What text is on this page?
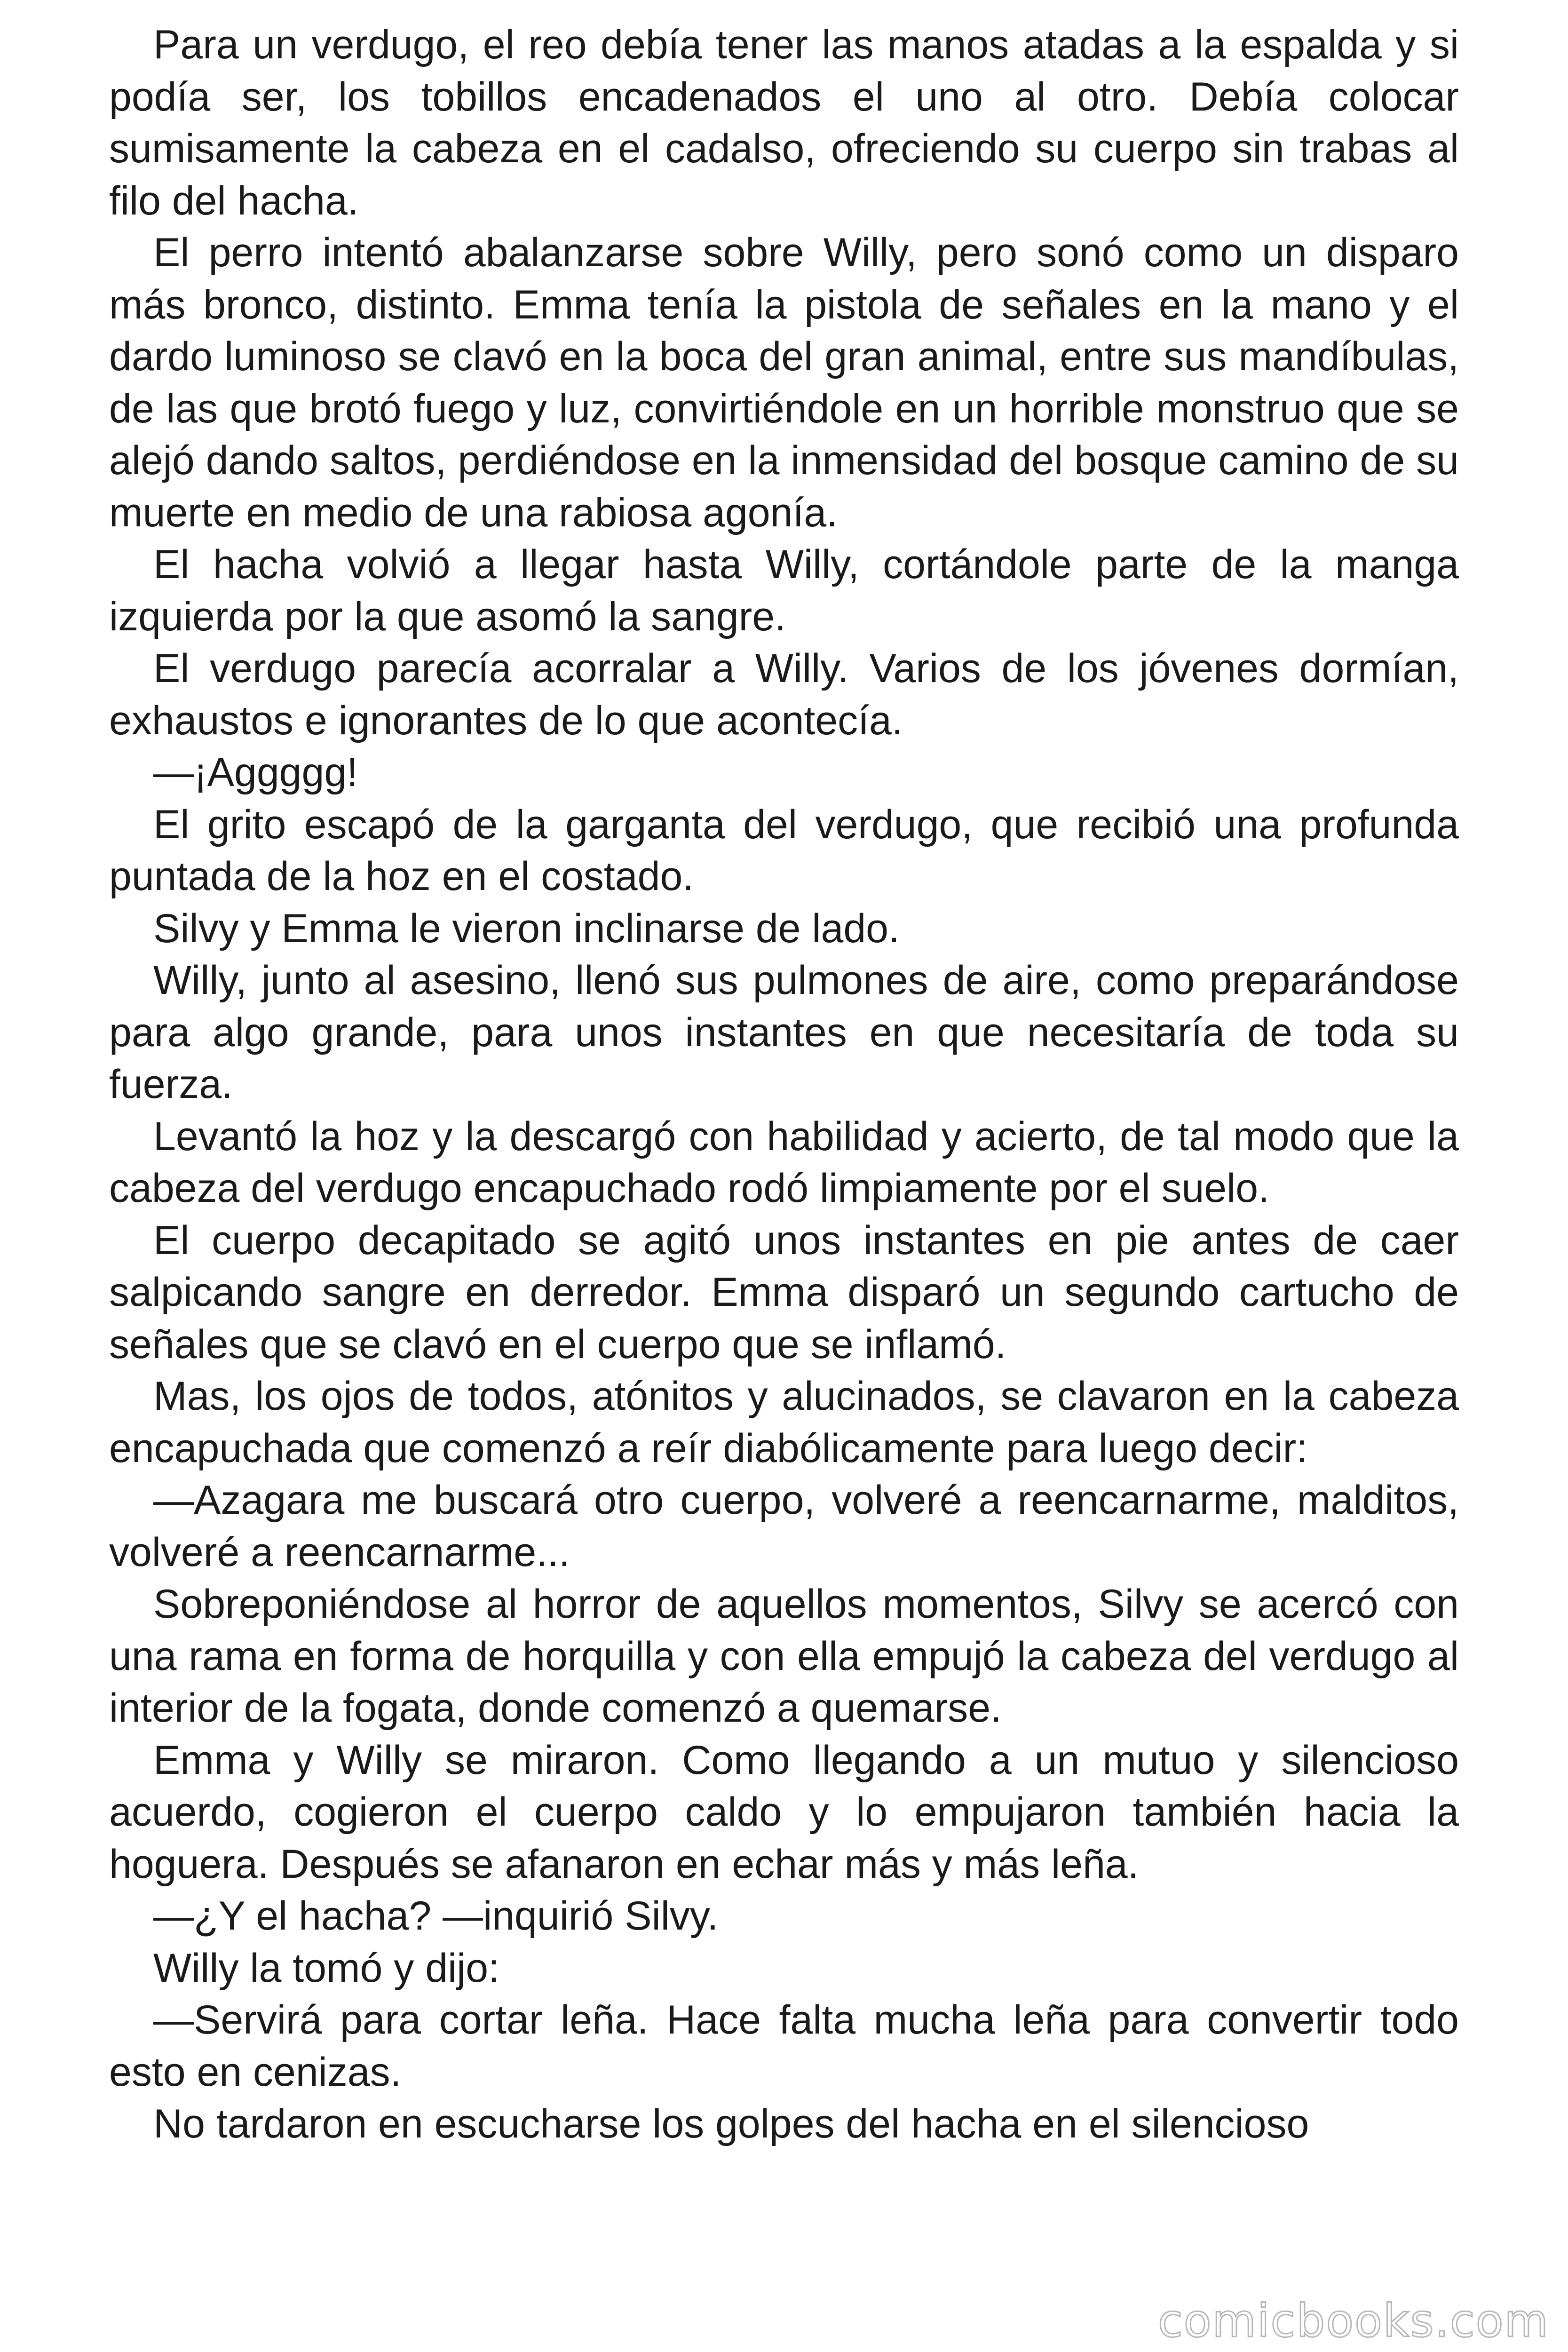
Para un verdugo, el reo debía tener las manos atadas a la espalda y si podía ser, los tobillos encadenados el uno al otro. Debía colocar sumisamente la cabeza en el cadalso, ofreciendo su cuerpo sin trabas al filo del hacha.

El perro intentó abalanzarse sobre Willy, pero sonó como un disparo más bronco, distinto. Emma tenía la pistola de señales en la mano y el dardo luminoso se clavó en la boca del gran animal, entre sus mandíbulas, de las que brotó fuego y luz, convirtiéndole en un horrible monstruo que se alejó dando saltos, perdiéndose en la inmensidad del bosque camino de su muerte en medio de una rabiosa agonía.

El hacha volvió a llegar hasta Willy, cortándole parte de la manga izquierda por la que asomó la sangre.

El verdugo parecía acorralar a Willy. Varios de los jóvenes dormían, exhaustos e ignorantes de lo que acontecía.

—¡Aggggg!

El grito escapó de la garganta del verdugo, que recibió una profunda puntada de la hoz en el costado.

Silvy y Emma le vieron inclinarse de lado.

Willy, junto al asesino, llenó sus pulmones de aire, como preparándose para algo grande, para unos instantes en que necesitaría de toda su fuerza.

Levantó la hoz y la descargó con habilidad y acierto, de tal modo que la cabeza del verdugo encapuchado rodó limpiamente por el suelo.

El cuerpo decapitado se agitó unos instantes en pie antes de caer salpicando sangre en derredor. Emma disparó un segundo cartucho de señales que se clavó en el cuerpo que se inflamó.

Mas, los ojos de todos, atónitos y alucinados, se clavaron en la cabeza encapuchada que comenzó a reír diabólicamente para luego decir:

—Azagara me buscará otro cuerpo, volveré a reencarnarme, malditos, volveré a reencarnarme...

Sobreponiéndose al horror de aquellos momentos, Silvy se acercó con una rama en forma de horquilla y con ella empujó la cabeza del verdugo al interior de la fogata, donde comenzó a quemarse.

Emma y Willy se miraron. Como llegando a un mutuo y silencioso acuerdo, cogieron el cuerpo caldo y lo empujaron también hacia la hoguera. Después se afanaron en echar más y más leña.

—¿Y el hacha? —inquirió Silvy.

Willy la tomó y dijo:

—Servirá para cortar leña. Hace falta mucha leña para convertir todo esto en cenizas.

No tardaron en escucharse los golpes del hacha en el silencioso

comicbooks.com
